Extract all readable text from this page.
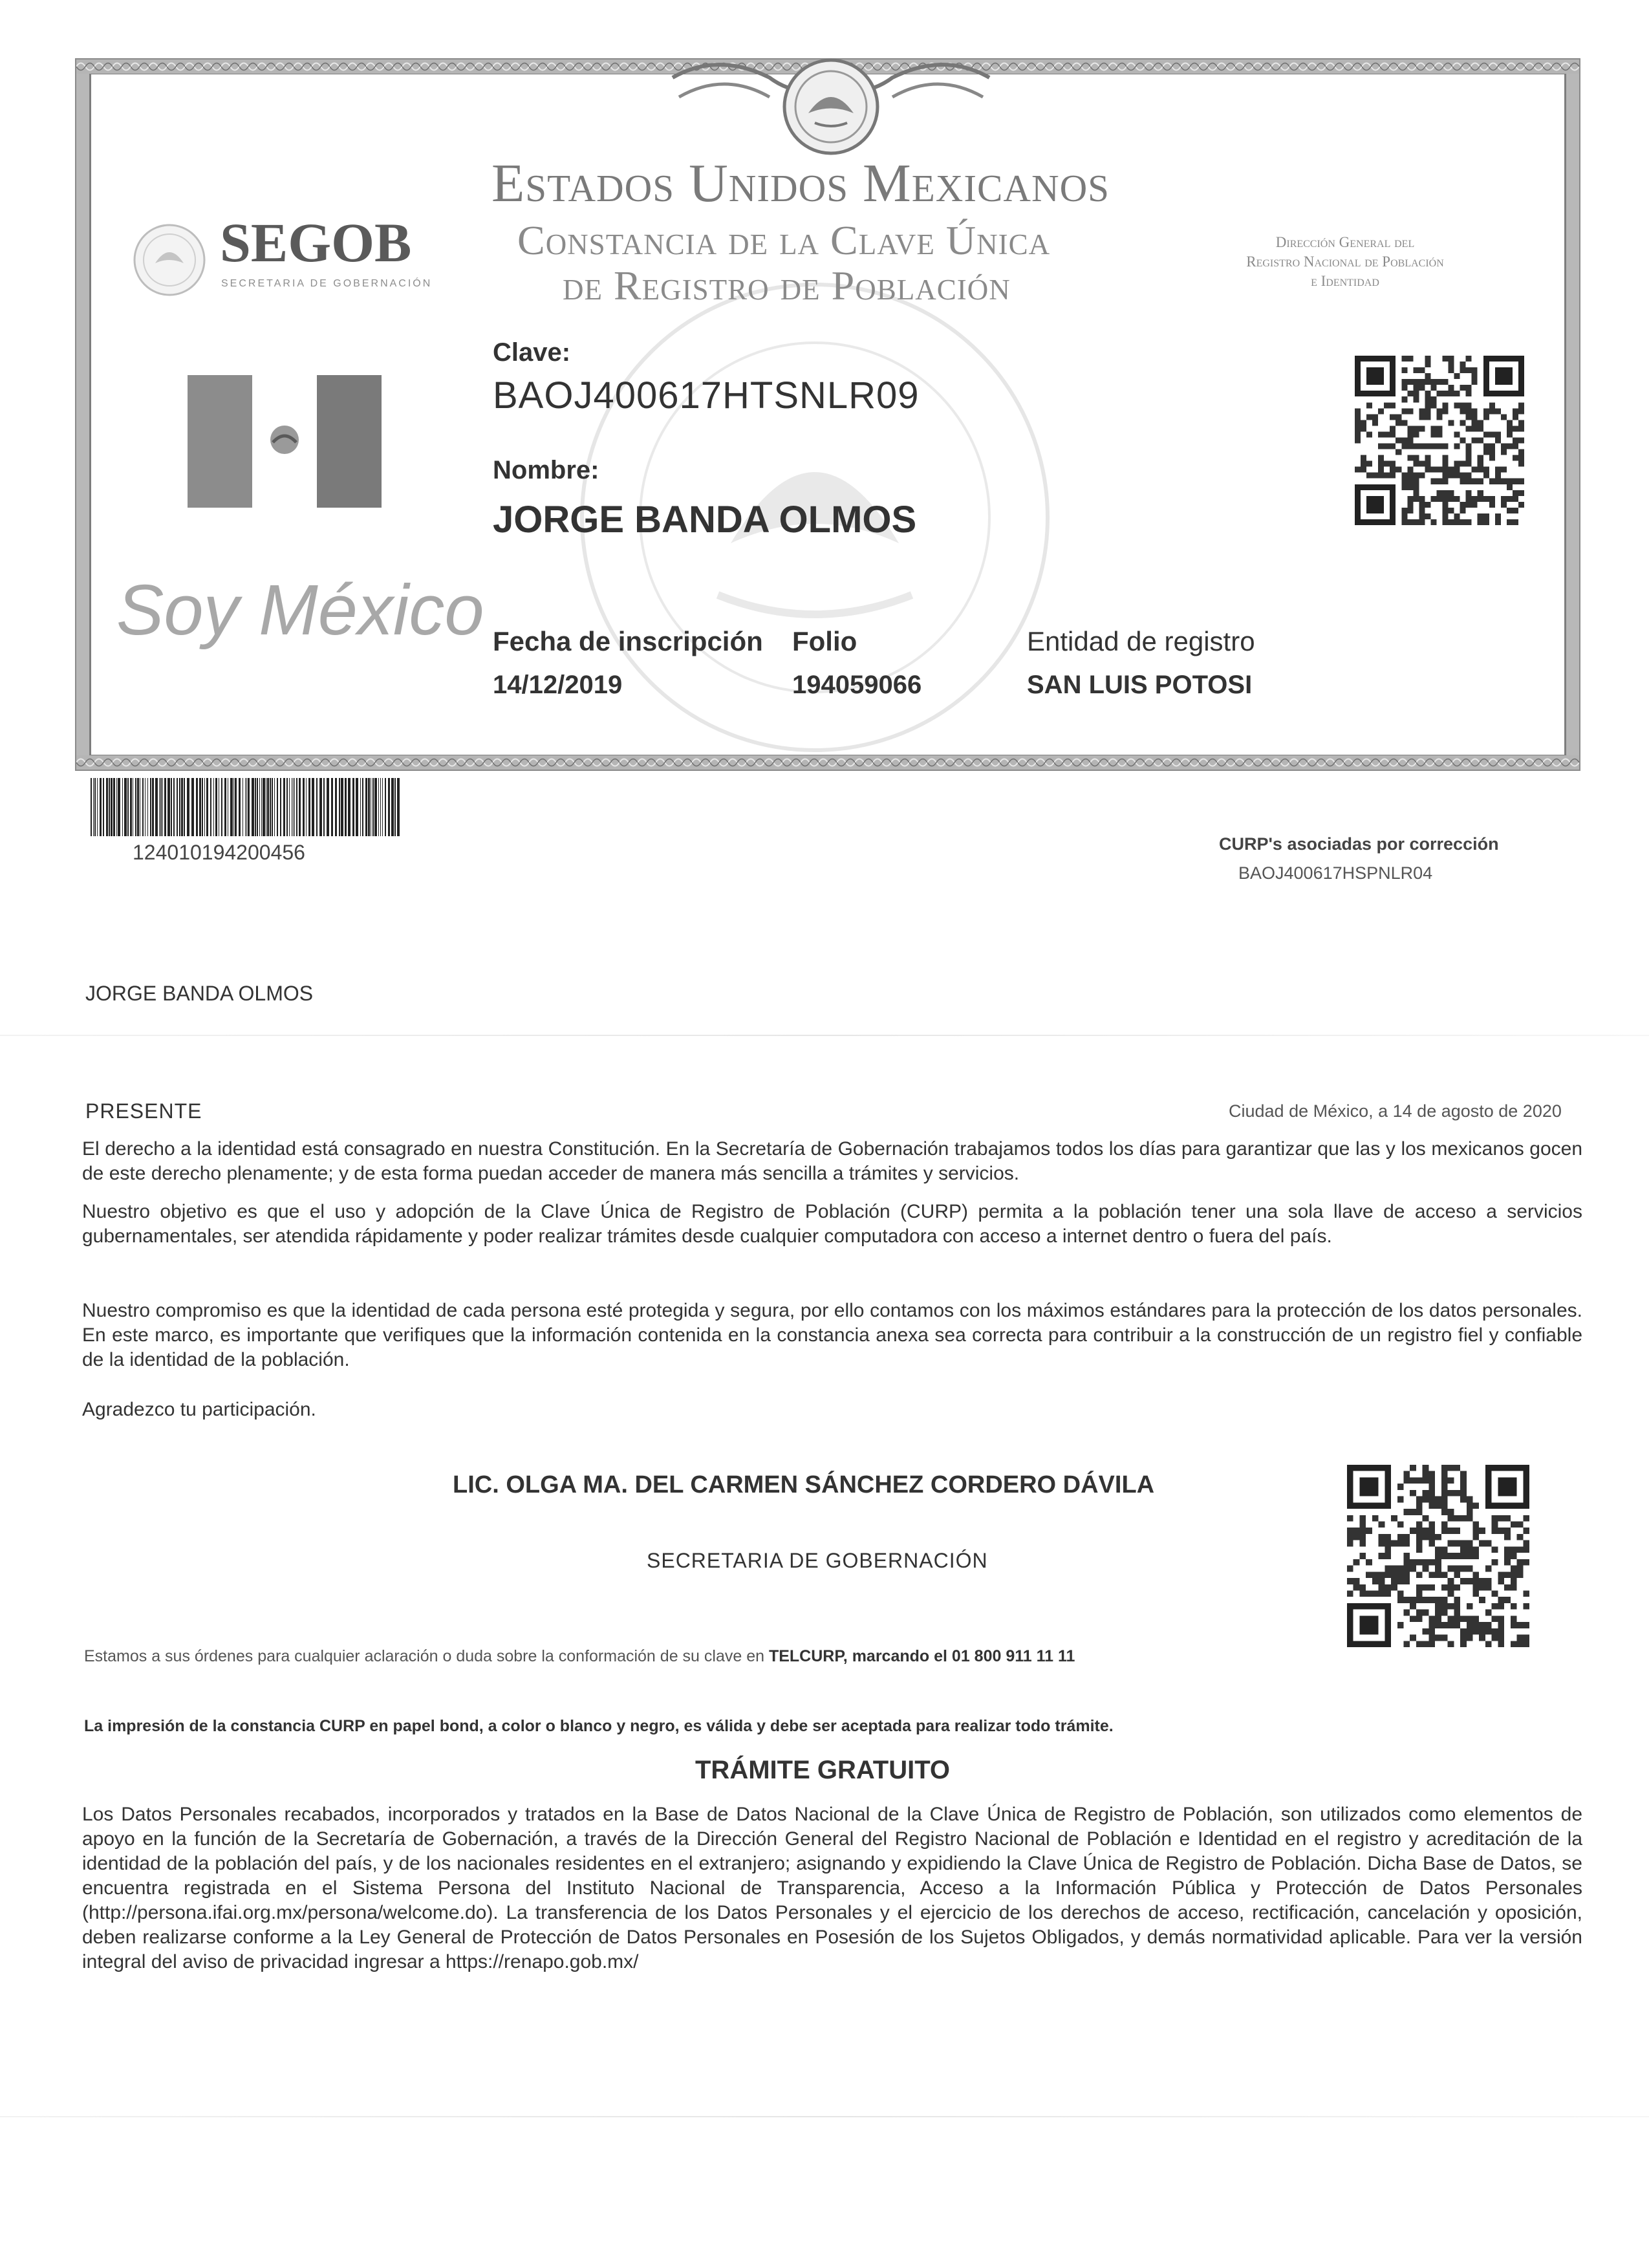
SEGOB
SECRETARIA DE GOBERNACIÓN
Estados Unidos Mexicanos
Constancia de la Clave Única
de Registro de Población
Dirección General del
Registro Nacional de Población
e Identidad
Soy México
Clave:
BAOJ400617HTSNLR09
Nombre:
JORGE BANDA OLMOS
Fecha de inscripción
14/12/2019
Folio
194059066
Entidad de registro
SAN LUIS POTOSI
124010194200456	CURP's asociadas por corrección
BAOJ400617HSPNLR04
JORGE BANDA OLMOS
PRESENTE	Ciudad de México, a 14 de agosto de 2020
El derecho a la identidad está consagrado en nuestra Constitución. En la Secretaría de Gobernación trabajamos todos los días para garantizar que las y los mexicanos gocen de este derecho plenamente; y de esta forma puedan acceder de manera más sencilla a trámites y servicios.
Nuestro objetivo es que el uso y adopción de la Clave Única de Registro de Población (CURP) permita a la población tener una sola llave de acceso a servicios gubernamentales, ser atendida rápidamente y poder realizar trámites desde cualquier computadora con acceso a internet dentro o fuera del país.
Nuestro compromiso es que la identidad de cada persona esté protegida y segura, por ello contamos con los máximos estándares para la protección de los datos personales. En este marco, es importante que verifiques que la información contenida en la constancia anexa sea correcta para contribuir a la construcción de un registro fiel y confiable de la identidad de la población.
Agradezco tu participación.
LIC. OLGA MA. DEL CARMEN SÁNCHEZ CORDERO DÁVILA
SECRETARIA DE GOBERNACIÓN
Estamos a sus órdenes para cualquier aclaración o duda sobre la conformación de su clave en TELCURP, marcando el 01 800 911 11 11
La impresión de la constancia CURP en papel bond, a color o blanco y negro, es válida y debe ser aceptada para realizar todo trámite.
TRÁMITE GRATUITO
Los Datos Personales recabados, incorporados y tratados en la Base de Datos Nacional de la Clave Única de Registro de Población, son utilizados como elementos de apoyo en la función de la Secretaría de Gobernación, a través de la Dirección General del Registro Nacional de Población e Identidad en el registro y acreditación de la identidad de la población del país, y de los nacionales residentes en el extranjero; asignando y expidiendo la Clave Única de Registro de Población. Dicha Base de Datos, se encuentra registrada en el Sistema Persona del Instituto Nacional de Transparencia, Acceso a la Información Pública y Protección de Datos Personales (http://persona.ifai.org.mx/persona/welcome.do). La transferencia de los Datos Personales y el ejercicio de los derechos de acceso, rectificación, cancelación y oposición, deben realizarse conforme a la Ley General de Protección de Datos Personales en Posesión de los Sujetos Obligados, y demás normatividad aplicable. Para ver la versión integral del aviso de privacidad ingresar a https://renapo.gob.mx/
